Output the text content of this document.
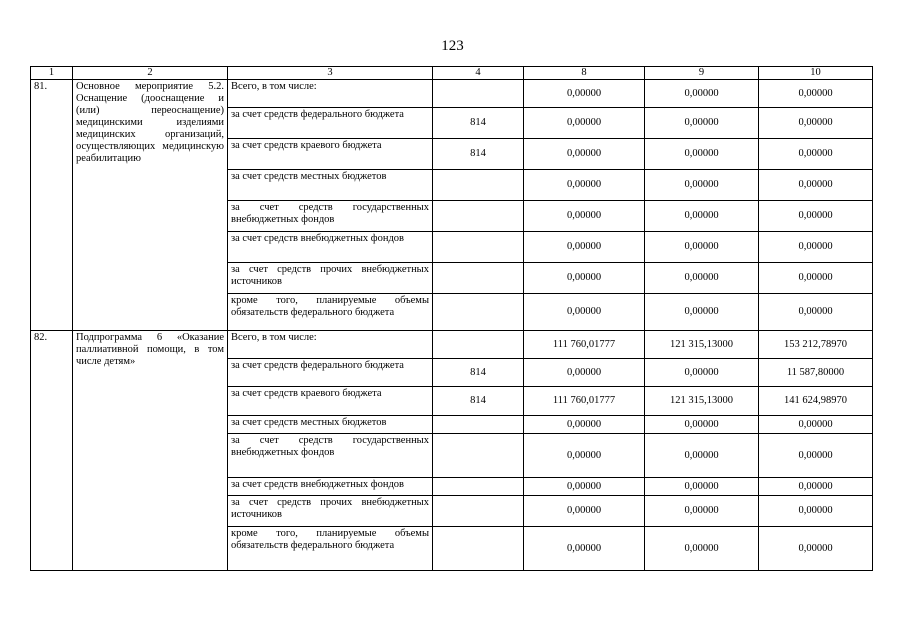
123
1	2	3	4	8	9	10
81.	Основное мероприятие 5.2. Оснащение (дооснащение и (или) переоснащение) медицинскими изделиями медицинских организаций, осуществляющих медицинскую реабилитацию	Всего, в том числе:		0,00000	0,00000	0,00000
		за счет средств федерального бюджета	814	0,00000	0,00000	0,00000
		за счет средств краевого бюджета	814	0,00000	0,00000	0,00000
		за счет средств местных бюджетов		0,00000	0,00000	0,00000
		за счет средств государственных внебюджетных фондов		0,00000	0,00000	0,00000
		за счет средств внебюджетных фондов		0,00000	0,00000	0,00000
		за счет средств прочих внебюджетных источников		0,00000	0,00000	0,00000
		кроме того, планируемые объемы обязательств федерального бюджета		0,00000	0,00000	0,00000
82.	Подпрограмма 6 «Оказание паллиативной помощи, в том числе детям»	Всего, в том числе:		111 760,01777	121 315,13000	153 212,78970
		за счет средств федерального бюджета	814	0,00000	0,00000	11 587,80000
		за счет средств краевого бюджета	814	111 760,01777	121 315,13000	141 624,98970
		за счет средств местных бюджетов		0,00000	0,00000	0,00000
		за счет средств государственных внебюджетных фондов		0,00000	0,00000	0,00000
		за счет средств внебюджетных фондов		0,00000	0,00000	0,00000
		за счет средств прочих внебюджетных источников		0,00000	0,00000	0,00000
		кроме того, планируемые объемы обязательств федерального бюджета		0,00000	0,00000	0,00000
